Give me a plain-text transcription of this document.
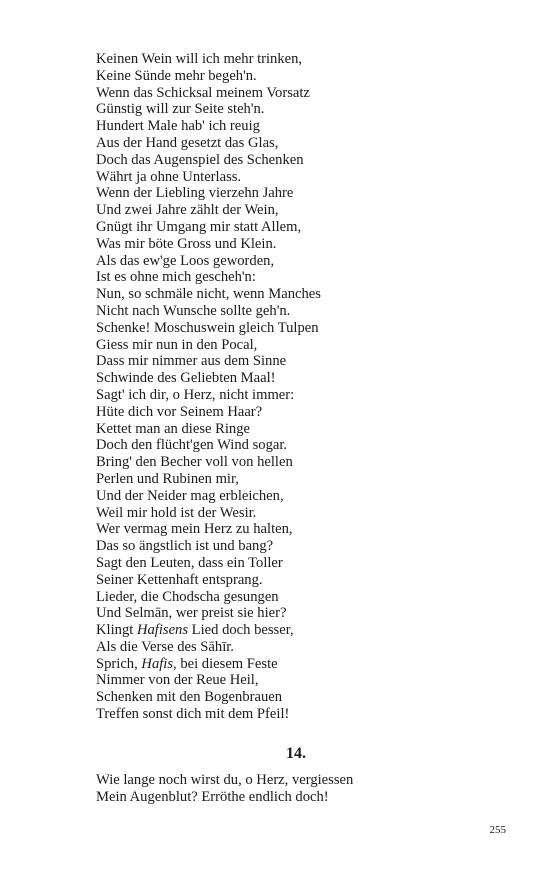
Keinen Wein will ich mehr trinken,
Keine Sünde mehr begeh'n.
Wenn das Schicksal meinem Vorsatz
Günstig will zur Seite steh'n.
Hundert Male hab' ich reuig
Aus der Hand gesetzt das Glas,
Doch das Augenspiel des Schenken
Währt ja ohne Unterlass.
Wenn der Liebling vierzehn Jahre
Und zwei Jahre zählt der Wein,
Gnügt ihr Umgang mir statt Allem,
Was mir böte Gross und Klein.
Als das ew'ge Loos geworden,
Ist es ohne mich gescheh'n:
Nun, so schmäle nicht, wenn Manches
Nicht nach Wunsche sollte geh'n.
Schenke! Moschuswein gleich Tulpen
Giess mir nun in den Pocal,
Dass mir nimmer aus dem Sinne
Schwinde des Geliebten Maal!
Sagt' ich dir, o Herz, nicht immer:
Hüte dich vor Seinem Haar?
Kettet man an diese Ringe
Doch den flücht'gen Wind sogar.
Bring' den Becher voll von hellen
Perlen und Rubinen mir,
Und der Neider mag erbleichen,
Weil mir hold ist der Wesir.
Wer vermag mein Herz zu halten,
Das so ängstlich ist und bang?
Sagt den Leuten, dass ein Toller
Seiner Kettenhaft entsprang.
Lieder, die Chodscha gesungen
Und Selmān, wer preist sie hier?
Klingt Hafisens Lied doch besser,
Als die Verse des Sāhīr.
Sprich, Hafis, bei diesem Feste
Nimmer von der Reue Heil,
Schenken mit den Bogenbrauen
Treffen sonst dich mit dem Pfeil!
14.
Wie lange noch wirst du, o Herz, vergiessen
Mein Augenblut? Erröthe endlich doch!
255
